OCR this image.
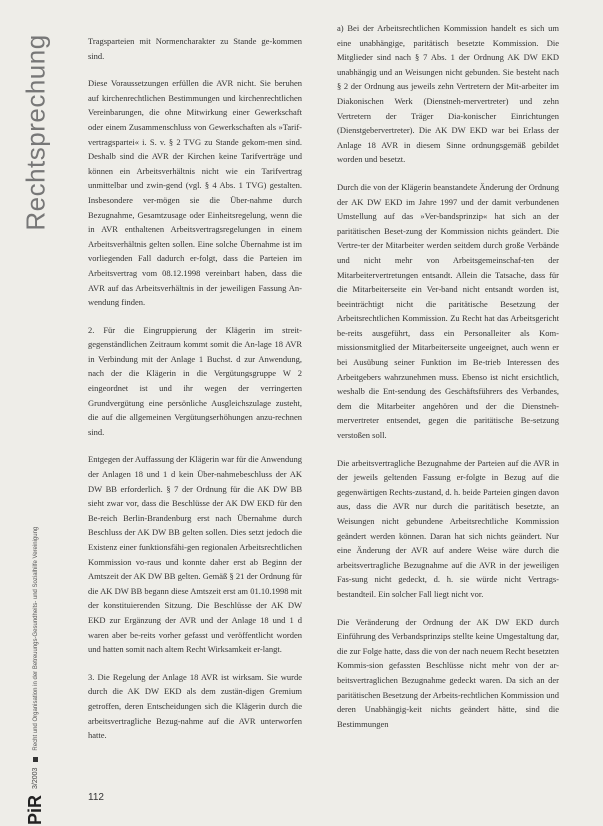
Rechtsprechung
PiR
3/2003
Recht und Organisation in der Betreuungs-Gesundheits- und Sozialhilfe Vereinigung

Tragsparteien mit Normencharakter zu Stande ge-kommen sind.

Diese Voraussetzungen erfüllen die AVR nicht. Sie beruhen auf kirchenrechtlichen Bestimmungen und kirchenrechtlichen Vereinbarungen, die ohne Mitwirkung einer Gewerkschaft oder einem Zusammenschluss von Gewerkschaften als »Tarif-vertragspartei« i. S. v. § 2 TVG zu Stande gekom-men sind. Deshalb sind die AVR der Kirchen keine Tarifverträge und können ein Arbeitsverhältnis nicht wie ein Tarifvertrag unmittelbar und zwin-gend (vgl. § 4 Abs. 1 TVG) gestalten. Insbesondere ver-mögen sie die Über-nahme durch Bezugnahme, Gesamtzusage oder Einheitsregelung, wenn die in AVR enthaltenen Arbeitsvertragsregelungen in einem Arbeitsverhältnis gelten sollen. Eine solche Übernahme ist im vorliegenden Fall dadurch er-folgt, dass die Parteien im Arbeitsvertrag vom 08.12.1998 vereinbart haben, dass die AVR auf das Arbeitsverhältnis in der jeweiligen Fassung An-wendung finden.

2. Für die Eingruppierung der Klägerin im streit-gegenständlichen Zeitraum kommt somit die An-lage 18 AVR in Verbindung mit der Anlage 1 Buchst. d zur Anwendung, nach der die Klägerin in die Vergütungsgruppe W 2 eingeordnet ist und ihr wegen der verringerten Grundvergütung eine persönliche Ausgleichszulage zusteht, die auf die allgemeinen Vergütungserhöhungen anzu-rechnen sind.

Entgegen der Auffassung der Klägerin war für die Anwendung der Anlagen 18 und 1 d kein Über-nahmebeschluss der AK DW BB erforderlich. § 7 der Ordnung für die AK DW BB sieht zwar vor, dass die Beschlüsse der AK DW EKD für den Be-reich Berlin-Brandenburg erst nach Übernahme durch Beschluss der AK DW BB gelten sollen. Dies setzt jedoch die Existenz einer funktionsfähi-gen regionalen Arbeitsrechtlichen Kommission vo-raus und konnte daher erst ab Beginn der Amtszeit der AK DW BB gelten. Gemäß § 21 der Ordnung für die AK DW BB begann diese Amtszeit erst am 01.10.1998 mit der konstituierenden Sitzung. Die Beschlüsse der AK DW EKD zur Ergänzung der AVR und der Anlage 18 und 1 d waren aber be-reits vorher gefasst und veröffentlicht worden und hatten somit nach altem Recht Wirksamkeit er-langt.

3. Die Regelung der Anlage 18 AVR ist wirksam. Sie wurde durch die AK DW EKD als dem zustän-digen Gremium getroffen, deren Entscheidungen sich die Klägerin durch die arbeitsvertragliche Bezug-nahme auf die AVR unterworfen hatte.

a) Bei der Arbeitsrechtlichen Kommission handelt es sich um eine unabhängige, paritätisch besetzte Kommission. Die Mitglieder sind nach § 7 Abs. 1 der Ordnung AK DW EKD unabhängig und an Weisungen nicht gebunden. Sie besteht nach § 2 der Ordnung aus jeweils zehn Vertretern der Mit-arbeiter im Diakonischen Werk (Dienstneh-mervertreter) und zehn Vertretern der Träger Dia-konischer Einrichtungen (Dienstgebervertreter). Die AK DW EKD war bei Erlass der Anlage 18 AVR in diesem Sinne ordnungsgemäß gebildet worden und besetzt.

Durch die von der Klägerin beanstandete Änderung der Ordnung der AK DW EKD im Jahre 1997 und der damit verbundenen Umstellung auf das »Ver-bandsprinzip« hat sich an der paritätischen Beset-zung der Kommission nichts geändert. Die Vertre-ter der Mitarbeiter werden seitdem durch große Verbände und nicht mehr von Arbeitsgemeinschaf-ten der Mitarbeitervertretungen entsandt. Allein die Tatsache, dass für die Mitarbeiterseite ein Ver-band nicht entsandt worden ist, beeinträchtigt nicht die paritätische Besetzung der Arbeitsrechtlichen Kommission. Zu Recht hat das Arbeitsgericht be-reits ausgeführt, dass ein Personalleiter als Kom-missionsmitglied der Mitarbeiterseite ungeeignet, auch wenn er bei Ausübung seiner Funktion im Be-trieb Interessen des Arbeitgebers wahrzunehmen muss. Ebenso ist nicht ersichtlich, weshalb die Ent-sendung des Geschäftsführers des Verbandes, dem die Mitarbeiter angehören und der die Dienstneh-mervertreter entsendet, gegen die paritätische Be-setzung verstoßen soll.

Die arbeitsvertragliche Bezugnahme der Parteien auf die AVR in der jeweils geltenden Fassung er-folgte in Bezug auf die gegenwärtigen Rechts-zustand, d. h. beide Parteien gingen davon aus, dass die AVR nur durch die paritätisch besetzte, an Weisungen nicht gebundene Arbeitsrechtliche Kommission geändert werden können. Daran hat sich nichts geändert. Nur eine Änderung der AVR auf andere Weise wäre durch die arbeitsvertragliche Bezugnahme auf die AVR in der jeweiligen Fas-sung nicht gedeckt, d. h. sie würde nicht Vertrags-bestandteil. Ein solcher Fall liegt nicht vor.

Die Veränderung der Ordnung der AK DW EKD durch Einführung des Verbandsprinzips stellte keine Umgestaltung dar, die zur Folge hatte, dass die von der nach neuem Recht besetzten Kommis-sion gefassten Beschlüsse nicht mehr von der ar-beitsvertraglichen Bezugnahme gedeckt waren. Da sich an der paritätischen Besetzung der Arbeits-rechtlichen Kommission und deren Unabhängig-keit nichts geändert hätte, sind die Bestimmungen

112
